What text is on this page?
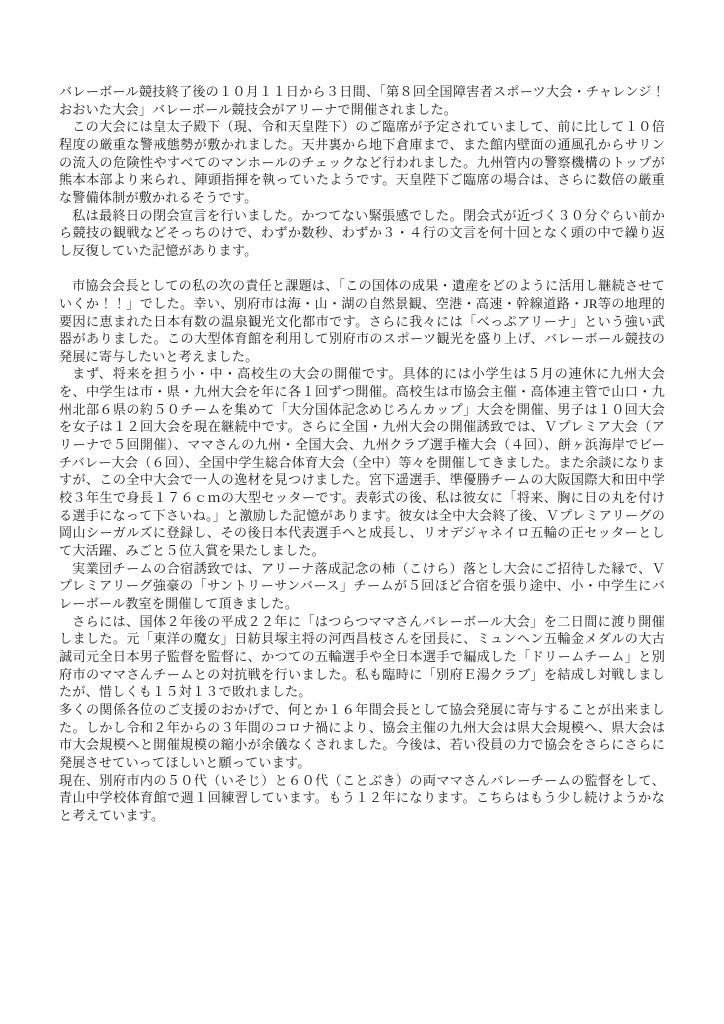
バレーボール競技終了後の１０月１１日から３日間、「第８回全国障害者スポーツ大会・チャレンジ！おおいた大会」バレーボール競技会がアリーナで開催されました。

この大会には皇太子殿下（現、令和天皇陛下）のご臨席が予定されていまして、前に比して１０倍程度の厳重な警戒態勢が敷かれました。天井裏から地下倉庫まで、また館内壁面の通風孔からサリンの流入の危険性やすべてのマンホールのチェックなど行われました。九州管内の警察機構のトップが熊本本部より来られ、陣頭指揮を執っていたようです。天皇陛下ご臨席の場合は、さらに数倍の厳重な警備体制が敷かれるそうです。

私は最終日の閉会宣言を行いました。かつてない緊張感でした。閉会式が近づく３０分ぐらい前から競技の観戦などそっちのけで、わずか数秒、わずか３・４行の文言を何十回となく頭の中で繰り返し反復していた記憶があります。

市協会会長としての私の次の責任と課題は、「この国体の成果・遺産をどのように活用し継続させていくか！！」でした。幸い、別府市は海・山・湖の自然景観、空港・高速・幹線道路・JR等の地理的要因に恵まれた日本有数の温泉観光文化都市です。さらに我々には「べっぷアリーナ」という強い武器がありました。この大型体育館を利用して別府市のスポーツ観光を盛り上げ、バレーボール競技の発展に寄与したいと考えました。

まず、将来を担う小・中・高校生の大会の開催です。具体的には小学生は５月の連休に九州大会を、中学生は市・県・九州大会を年に各１回ずつ開催。高校生は市協会主催・高体連主管で山口・九州北部６県の約５０チームを集めて「大分国体記念めじろんカップ」大会を開催、男子は１０回大会を女子は１２回大会を現在継続中です。さらに全国・九州大会の開催誘致では、Ｖプレミア大会（アリーナで５回開催）、ママさんの九州・全国大会、九州クラブ選手権大会（４回）、餅ヶ浜海岸でビーチバレー大会（６回）、全国中学生総合体育大会（全中）等々を開催してきました。また余談になりますが、この全中大会で一人の逸材を見つけました。宮下遥選手、準優勝チームの大阪国際大和田中学校３年生で身長１７６ｃｍの大型セッターです。表彰式の後、私は彼女に「将来、胸に日の丸を付ける選手になって下さいね。」と激励した記憶があります。彼女は全中大会終了後、Ｖプレミアリーグの岡山シーガルズに登録し、その後日本代表選手へと成長し、リオデジャネイロ五輪の正セッターとして大活躍、みごと５位入賞を果たしました。

実業団チームの合宿誘致では、アリーナ落成記念の柿（こけら）落とし大会にご招待した縁で、Ｖプレミアリーグ強豪の「サントリーサンバース」チームが５回ほど合宿を張り途中、小・中学生にバレーボール教室を開催して頂きました。

さらには、国体２年後の平成２２年に「はつらつママさんバレーボール大会」を二日間に渡り開催しました。元「東洋の魔女」日紡貝塚主将の河西昌枝さんを団長に、ミュンヘン五輪金メダルの大古誠司元全日本男子監督を監督に、かつての五輪選手や全日本選手で編成した「ドリームチーム」と別府市のママさんチームとの対抗戦を行いました。私も臨時に「別府Ｅ湯クラブ」を結成し対戦しましたが、惜しくも１５対１３で敗れました。

多くの関係各位のご支援のおかげで、何とか１６年間会長として協会発展に寄与することが出来ました。しかし令和２年からの３年間のコロナ禍により、協会主催の九州大会は県大会規模へ、県大会は市大会規模へと開催規模の縮小が余儀なくされました。今後は、若い役員の力で協会をさらにさらに発展させていってほしいと願っています。

現在、別府市内の５０代（いそじ）と６０代（ことぶき）の両ママさんバレーチームの監督をして、青山中学校体育館で週１回練習しています。もう１２年になります。こちらはもう少し続けようかなと考えています。
